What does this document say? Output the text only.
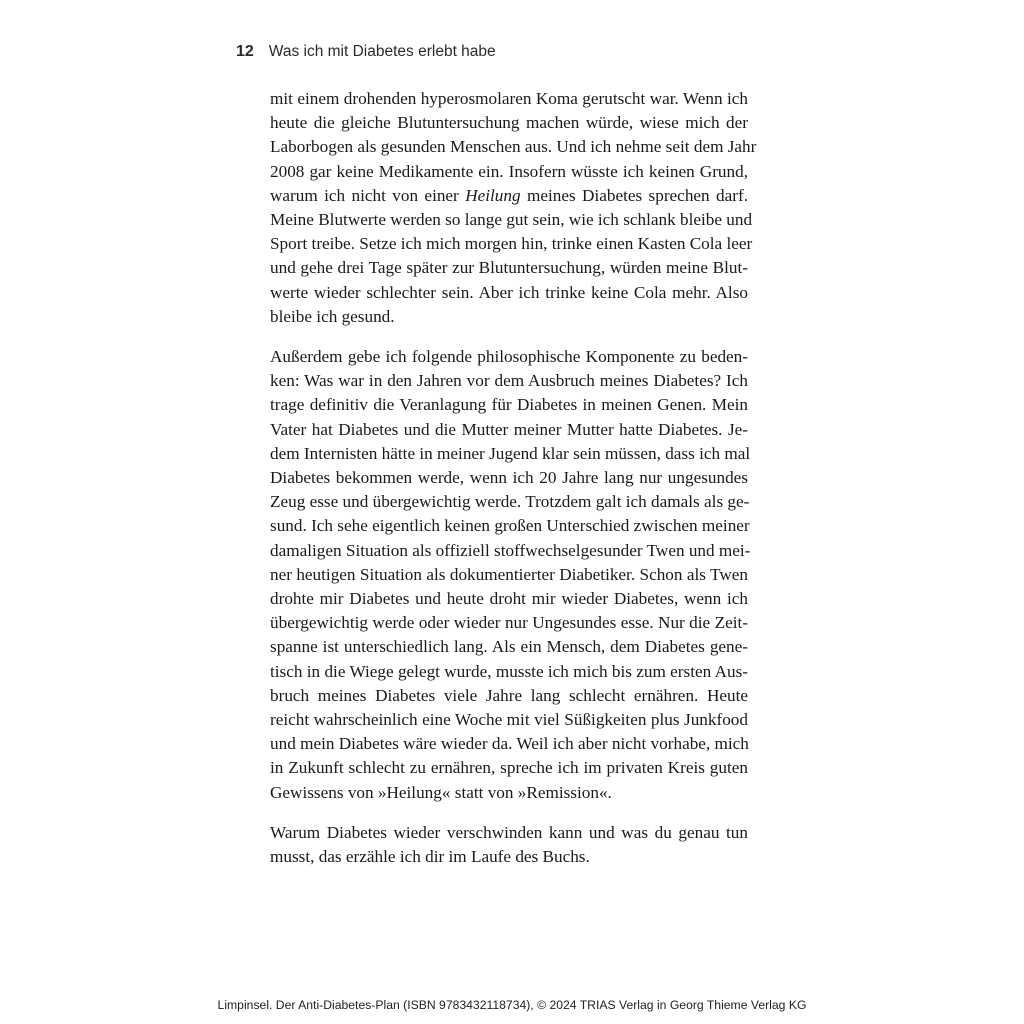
12 Was ich mit Diabetes erlebt habe

mit einem drohenden hyperosmolaren Koma gerutscht war. Wenn ich
heute die gleiche Blutuntersuchung machen würde, wiese mich der
Laborbogen als gesunden Menschen aus. Und ich nehme seit dem Jahr
2008 gar keine Medikamente ein. Insofern wüsste ich keinen Grund,
warum ich nicht von einer Heilung meines Diabetes sprechen darf.
Meine Blutwerte werden so lange gut sein, wie ich schlank bleibe und
Sport treibe. Setze ich mich morgen hin, trinke einen Kasten Cola leer
und gehe drei Tage später zur Blutuntersuchung, würden meine Blut-
werte wieder schlechter sein. Aber ich trinke keine Cola mehr. Also
bleibe ich gesund.

Außerdem gebe ich folgende philosophische Komponente zu beden-
ken: Was war in den Jahren vor dem Ausbruch meines Diabetes? Ich
trage definitiv die Veranlagung für Diabetes in meinen Genen. Mein
Vater hat Diabetes und die Mutter meiner Mutter hatte Diabetes. Je-
dem Internisten hätte in meiner Jugend klar sein müssen, dass ich mal
Diabetes bekommen werde, wenn ich 20 Jahre lang nur ungesundes
Zeug esse und übergewichtig werde. Trotzdem galt ich damals als ge-
sund. Ich sehe eigentlich keinen großen Unterschied zwischen meiner
damaligen Situation als offiziell stoffwechselgesunder Twen und mei-
ner heutigen Situation als dokumentierter Diabetiker. Schon als Twen
drohte mir Diabetes und heute droht mir wieder Diabetes, wenn ich
übergewichtig werde oder wieder nur Ungesundes esse. Nur die Zeit-
spanne ist unterschiedlich lang. Als ein Mensch, dem Diabetes gene-
tisch in die Wiege gelegt wurde, musste ich mich bis zum ersten Aus-
bruch meines Diabetes viele Jahre lang schlecht ernähren. Heute
reicht wahrscheinlich eine Woche mit viel Süßigkeiten plus Junkfood
und mein Diabetes wäre wieder da. Weil ich aber nicht vorhabe, mich
in Zukunft schlecht zu ernähren, spreche ich im privaten Kreis guten
Gewissens von »Heilung« statt von »Remission«.

Warum Diabetes wieder verschwinden kann und was du genau tun
musst, das erzähle ich dir im Laufe des Buchs.

Limpinsel. Der Anti-Diabetes-Plan (ISBN 9783432118734), © 2024 TRIAS Verlag in Georg Thieme Verlag KG
